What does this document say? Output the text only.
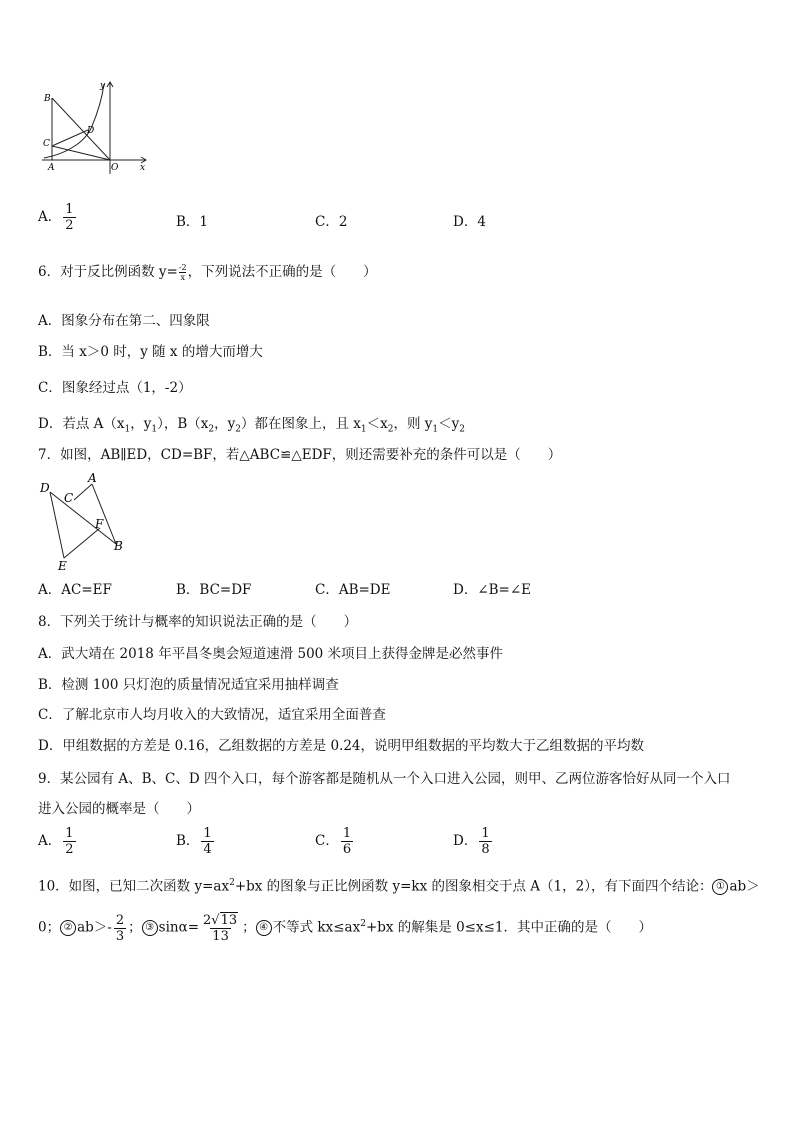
B
C
D
A	O x
y
A． $\frac{1}{2}$	B．1	C．2	D．4
6．对于反比例函数 $y= \frac{-2}{x}$ ，下列说法不正确的是（　　）
A．图象分布在第二、四象限
B．当 x＞0 时，y 随 x 的增大而增大
C．图象经过点（1，-2）
D．若点 $A(x_1$，$y_1$），$B(x_2$，$y_2$）都在图象上，且 $x_1<x_2$，则 $y_1<y_2$
7．如图，AB∥ED，CD=BF，若△ABC≌△EDF，则还需要补充的条件可以是（　　）
D
C
A
F
B
E
A．AC=EF	B．BC=DF	C．AB=DE	D．∠B=∠E
8．下列关于统计与概率的知识说法正确的是（　　）
A．武大靖在 2018 年平昌冬奥会短道速滑 500 米项目上获得金牌是必然事件
B．检测 100 只灯泡的质量情况适宜采用抽样调查
C．了解北京市人均月收入的大致情况，适宜采用全面普查
D．甲组数据的方差是 0.16，乙组数据的方差是 0.24，说明甲组数据的平均数大于乙组数据的平均数
9．某公园有 A、B、C、D 四个入口，每个游客都是随机从一个入口进入公园，则甲、乙两位游客恰好从同一个入口
进入公园的概率是（　　）
A． $\frac{1}{2}$	B． $\frac{1}{4}$	C． $\frac{1}{6}$	D． $\frac{1}{8}$
10．如图，已知二次函数 $y=ax^2+bx$ 的图象与正比例函数 y=kx 的图象相交于点 A（1，2），有下面四个结论： ① ab＞
0； ② $ab>- \frac{2}{3}$ ； ③ $\sin\alpha= \frac{2√13}{13}$ ； ④ 不等式 $kx\le ax^2+bx$ 的解集是 0≤x≤1．其中正确的是（　　）
